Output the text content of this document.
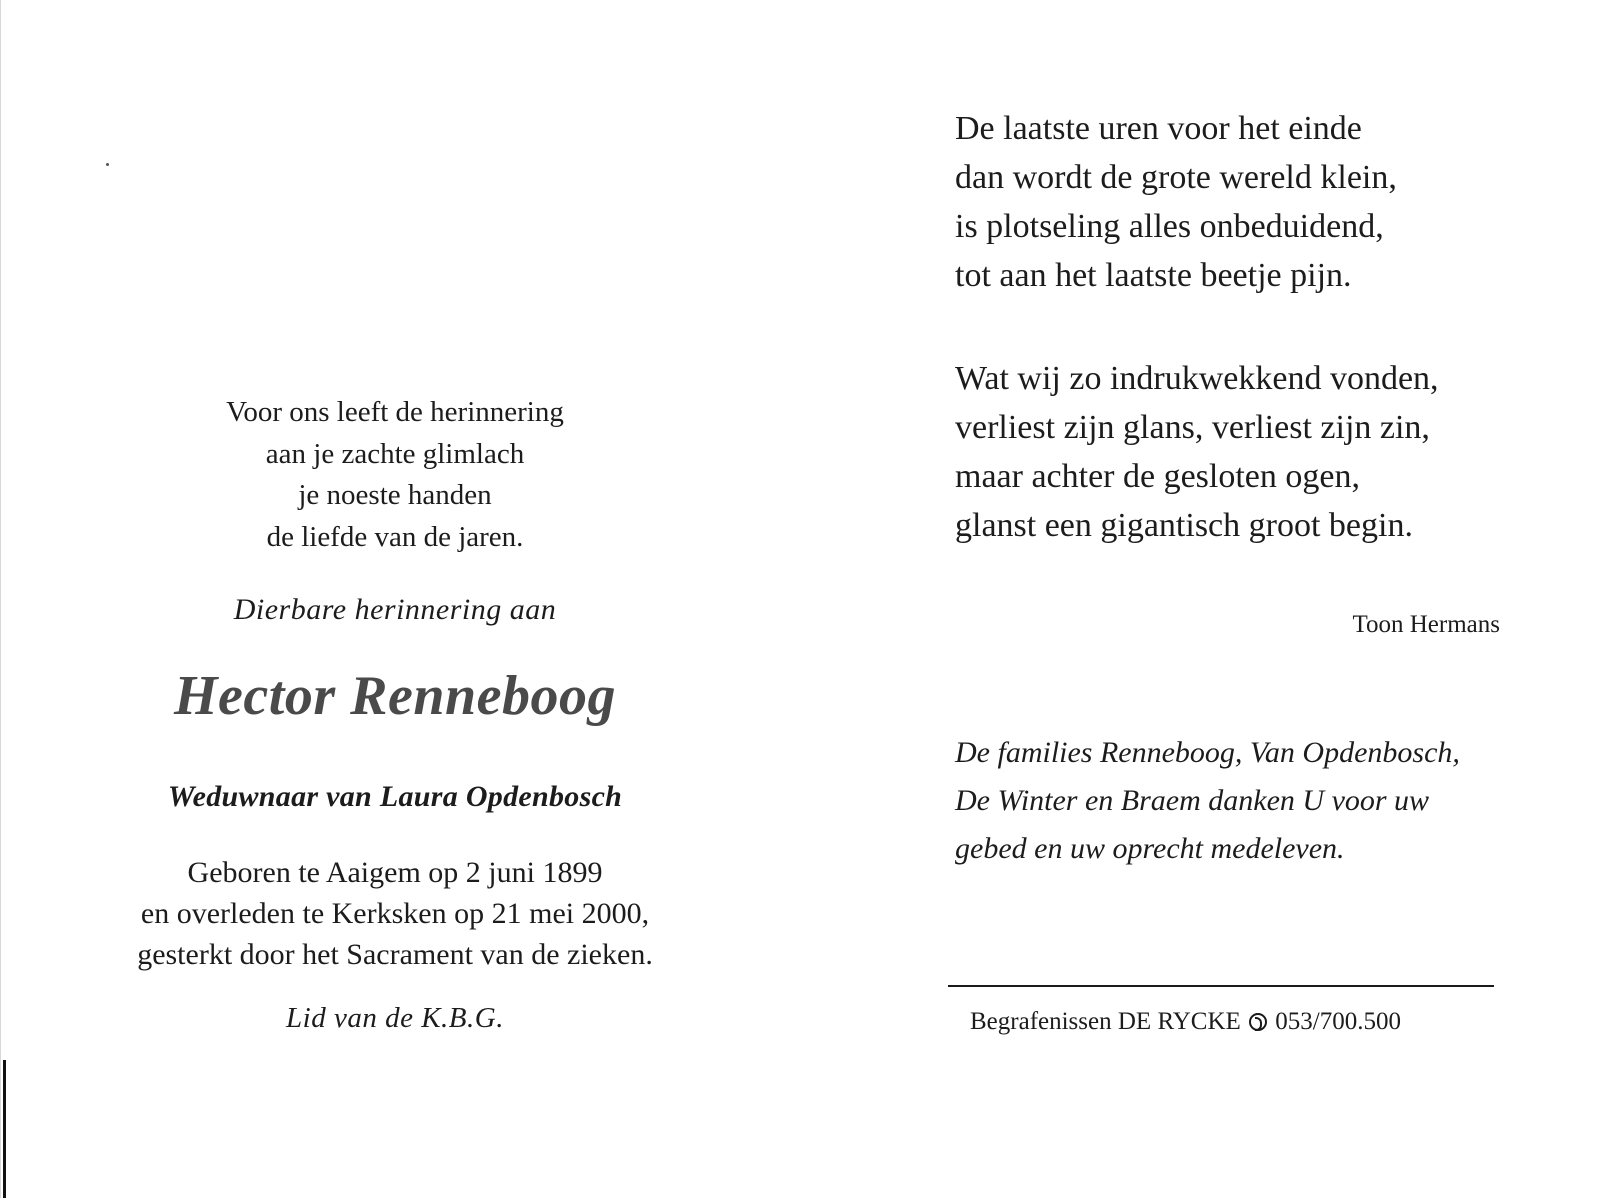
Voor ons leeft de herinnering
aan je zachte glimlach
je noeste handen
de liefde van de jaren.
Dierbare herinnering aan
Hector Renneboog
Weduwnaar van Laura Opdenbosch
Geboren te Aaigem op 2 juni 1899
en overleden te Kerksken op 21 mei 2000,
gesterkt door het Sacrament van de zieken.
Lid van de K.B.G.
De laatste uren voor het einde
dan wordt de grote wereld klein,
is plotseling alles onbeduidend,
tot aan het laatste beetje pijn.
Wat wij zo indrukwekkend vonden,
verliest zijn glans, verliest zijn zin,
maar achter de gesloten ogen,
glanst een gigantisch groot begin.
Toon Hermans
De families Renneboog, Van Opdenbosch,
De Winter en Braem danken U voor uw
gebed en uw oprecht medeleven.
Begrafenissen DE RYCKE 053/700.500
